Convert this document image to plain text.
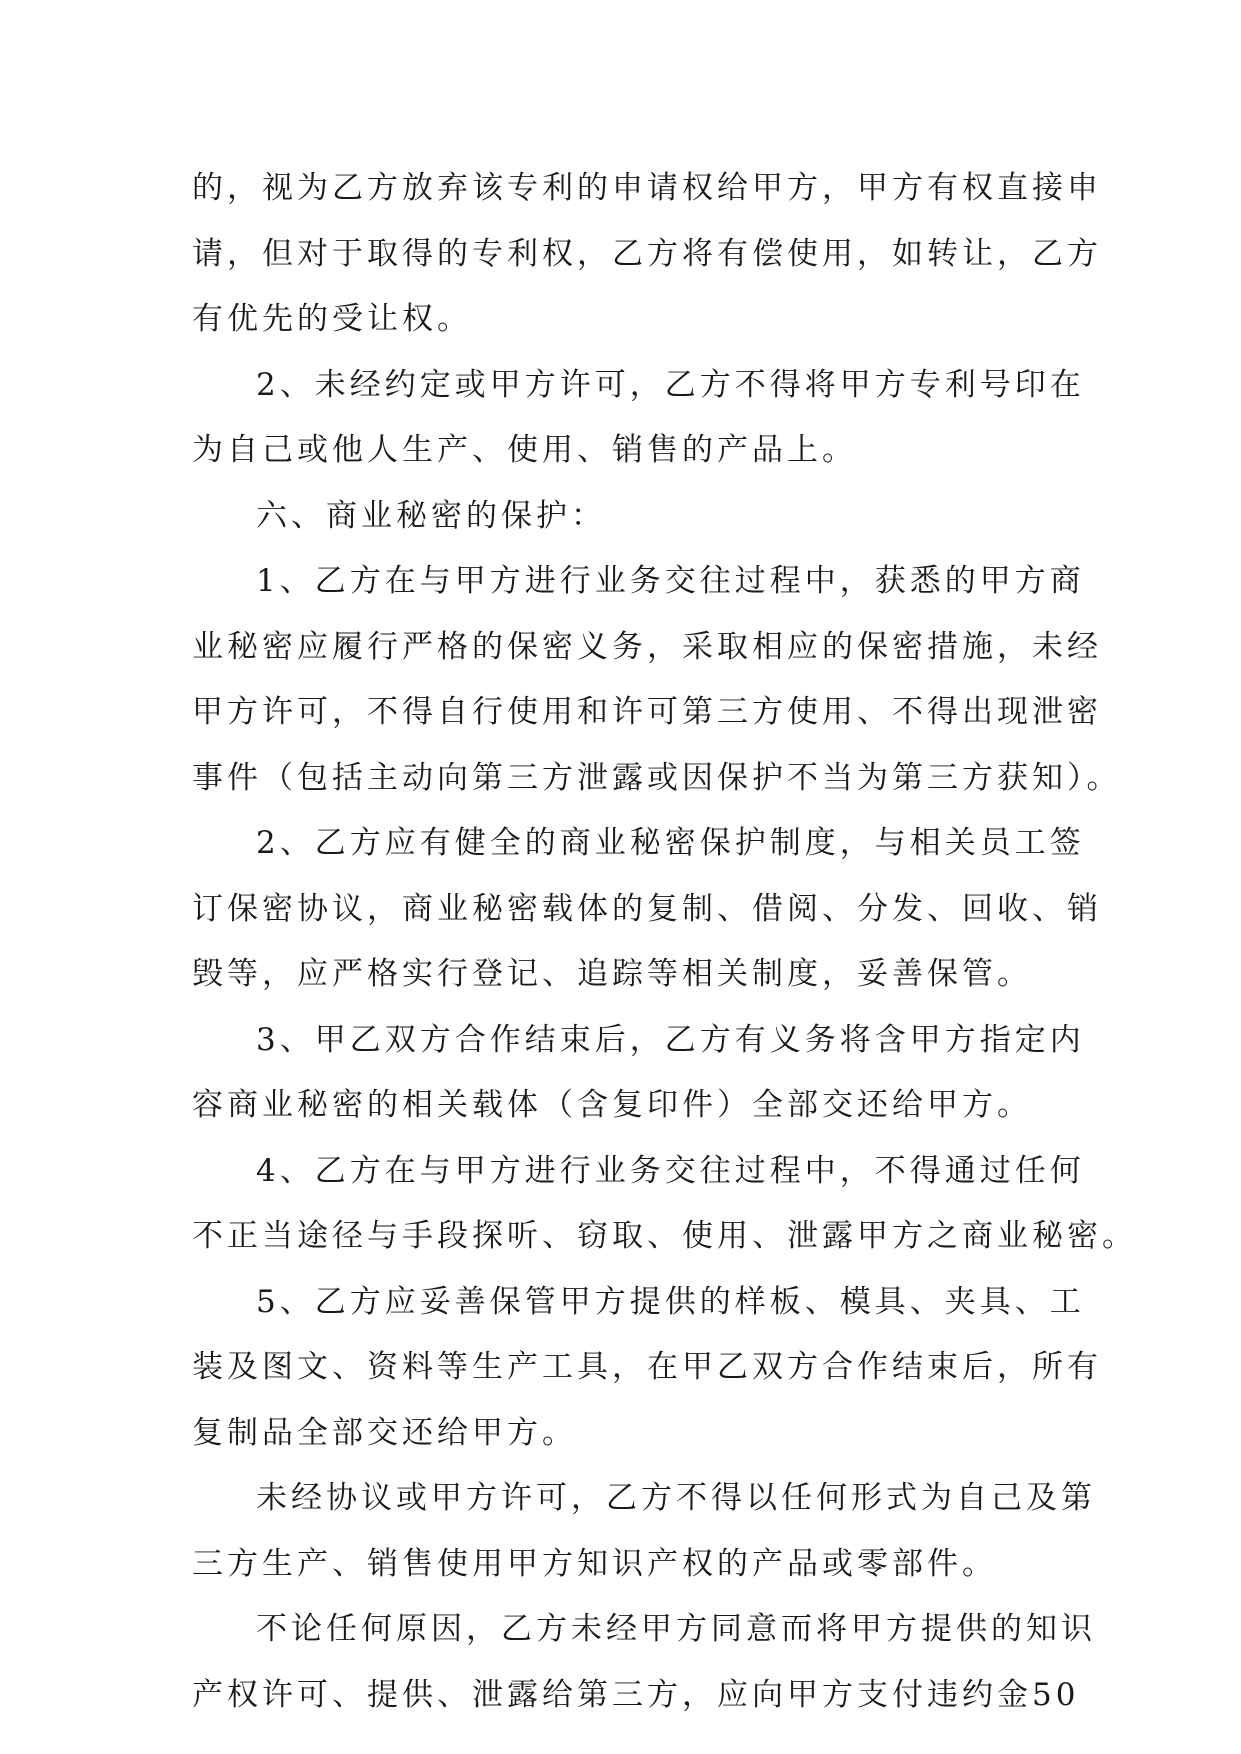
的，视为乙方放弃该专利的申请权给甲方，甲方有权直接申
请，但对于取得的专利权，乙方将有偿使用，如转让，乙方
有优先的受让权。
2、未经约定或甲方许可，乙方不得将甲方专利号印在
为自己或他人生产、使用、销售的产品上。
六、商业秘密的保护：
1、乙方在与甲方进行业务交往过程中，获悉的甲方商
业秘密应履行严格的保密义务，采取相应的保密措施，未经
甲方许可，不得自行使用和许可第三方使用、不得出现泄密
事件（包括主动向第三方泄露或因保护不当为第三方获知）。
2、乙方应有健全的商业秘密保护制度，与相关员工签
订保密协议，商业秘密载体的复制、借阅、分发、回收、销
毁等，应严格实行登记、追踪等相关制度，妥善保管。
3、甲乙双方合作结束后，乙方有义务将含甲方指定内
容商业秘密的相关载体（含复印件）全部交还给甲方。
4、乙方在与甲方进行业务交往过程中，不得通过任何
不正当途径与手段探听、窃取、使用、泄露甲方之商业秘密。
5、乙方应妥善保管甲方提供的样板、模具、夹具、工
装及图文、资料等生产工具，在甲乙双方合作结束后，所有
复制品全部交还给甲方。
未经协议或甲方许可，乙方不得以任何形式为自己及第
三方生产、销售使用甲方知识产权的产品或零部件。
不论任何原因，乙方未经甲方同意而将甲方提供的知识
产权许可、提供、泄露给第三方，应向甲方支付违约金50
